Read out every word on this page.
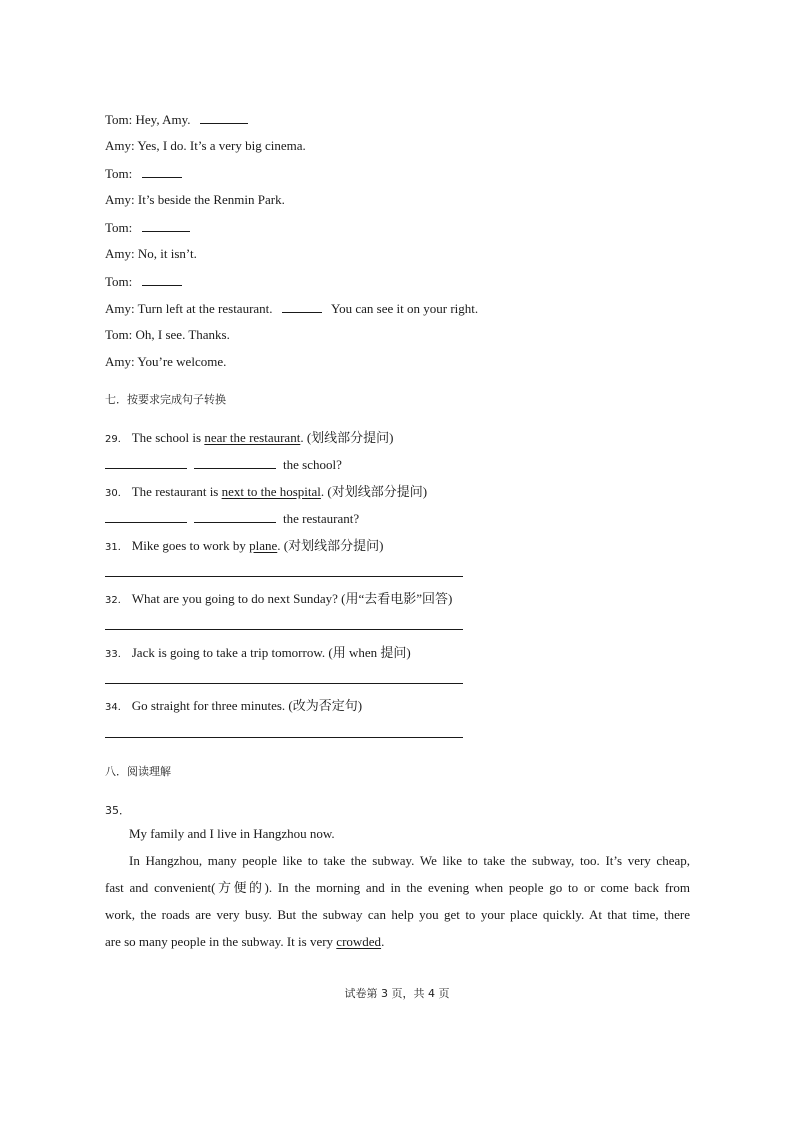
Tom: Hey, Amy.
Amy: Yes, I do. It’s a very big cinema.
Tom:
Amy: It’s beside the Renmin Park.
Tom:
Amy: No, it isn’t.
Tom:
Amy: Turn left at the restaurant.	You can see it on your right.
Tom: Oh, I see. Thanks.
Amy: You’re welcome.
七．按要求完成句子转换
29． The school is near the restaurant. (划线部分提问)
the school?
30． The restaurant is next to the hospital. (对划线部分提问)
the restaurant?
31． Mike goes to work by plane. (对划线部分提问)
32． What are you going to do next Sunday? (用“去看电影”回答)
33． Jack is going to take a trip tomorrow. (用 when 提问)
34． Go straight for three minutes. (改为否定句)
八．阅读理解
35．
My family and I live in Hangzhou now.
In Hangzhou, many people like to take the subway. We like to take the subway, too. It’s very cheap,
fast and convenient(方便的). In the morning and in the evening when people go to or come back from
work, the roads are very busy. But the subway can help you get to your place quickly. At that time, there
are so many people in the subway. It is very crowded.
试卷第 3 页，共 4 页
